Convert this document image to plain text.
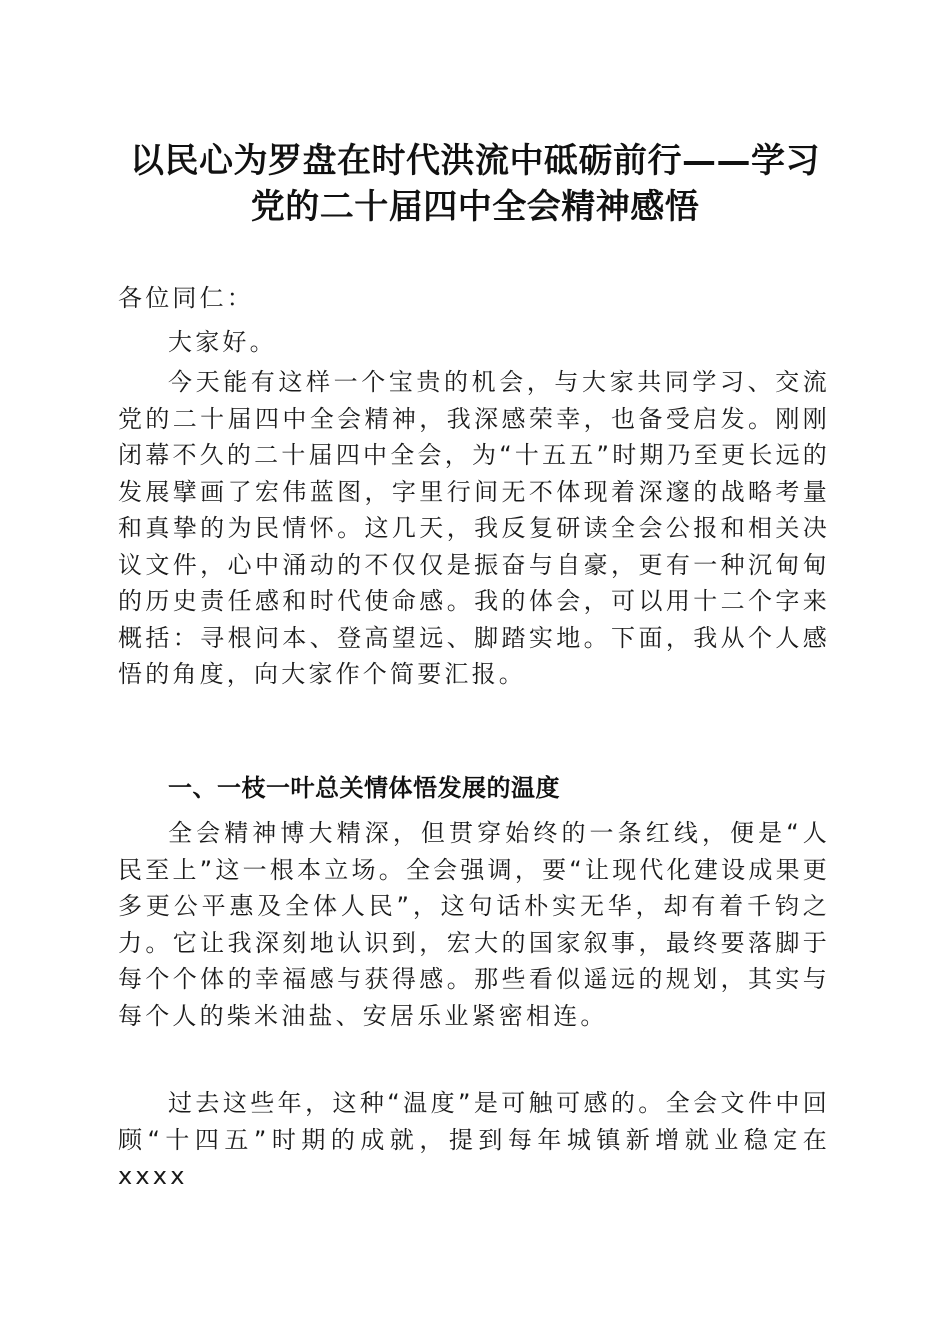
以民心为罗盘在时代洪流中砥砺前行——学习
党的二十届四中全会精神感悟
各位同仁：
大家好。
今天能有这样一个宝贵的机会，与大家共同学习、交流党的二十届四中全会精神，我深感荣幸，也备受启发。刚刚闭幕不久的二十届四中全会，为“十五五”时期乃至更长远的发展擘画了宏伟蓝图，字里行间无不体现着深邃的战略考量和真挚的为民情怀。这几天，我反复研读全会公报和相关决议文件，心中涌动的不仅仅是振奋与自豪，更有一种沉甸甸的历史责任感和时代使命感。我的体会，可以用十二个字来概括：寻根问本、登高望远、脚踏实地。下面，我从个人感悟的角度，向大家作个简要汇报。
一、一枝一叶总关情体悟发展的温度
全会精神博大精深，但贯穿始终的一条红线，便是“人民至上”这一根本立场。全会强调，要“让现代化建设成果更多更公平惠及全体人民”，这句话朴实无华，却有着千钧之力。它让我深刻地认识到，宏大的国家叙事，最终要落脚于每个个体的幸福感与获得感。那些看似遥远的规划，其实与每个人的柴米油盐、安居乐业紧密相连。
过去这些年，这种“温度”是可触可感的。全会文件中回顾“十四五”时期的成就，提到每年城镇新增就业稳定在 xxxx
